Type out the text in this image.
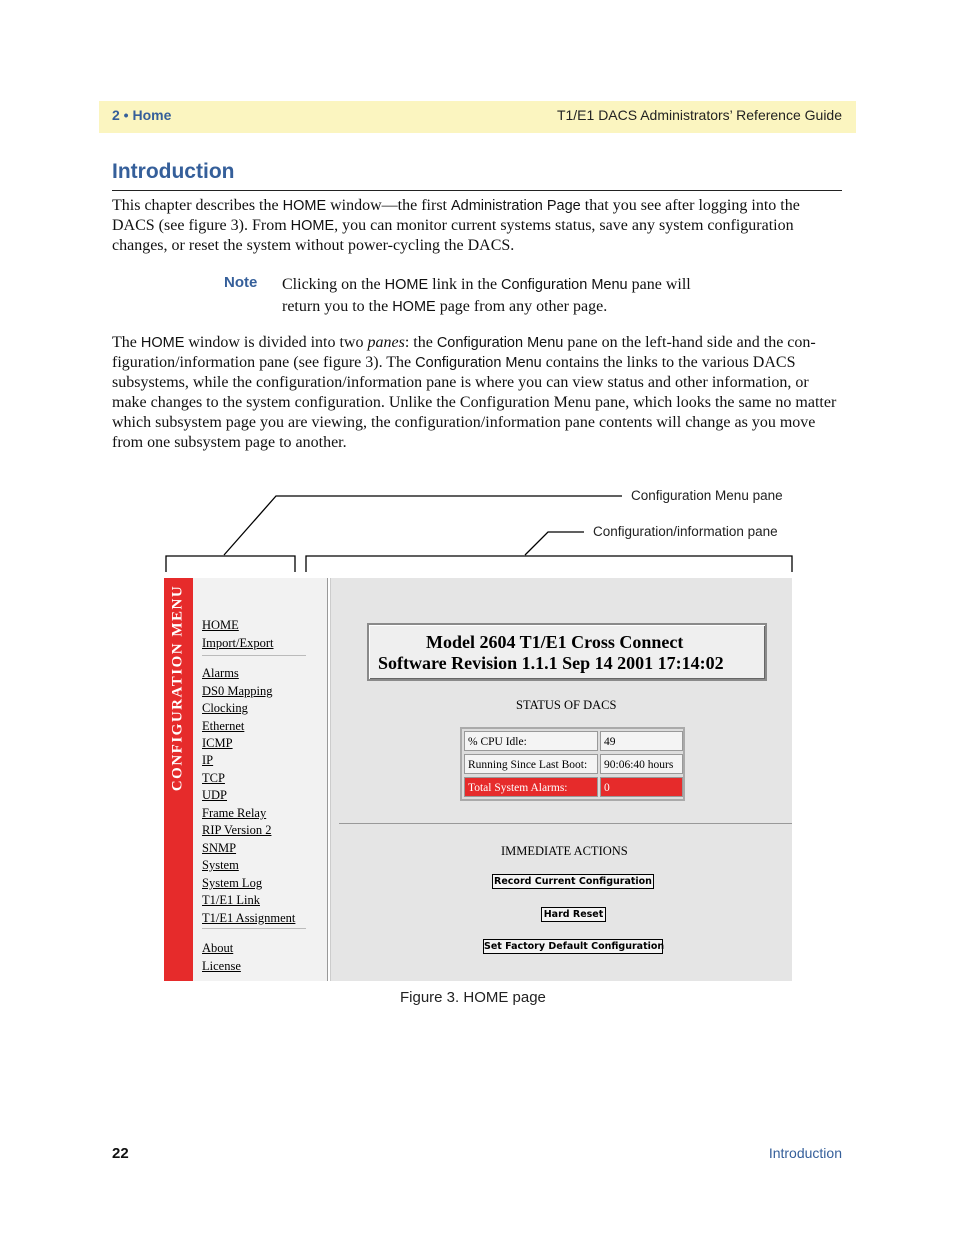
2 • Home	T1/E1 DACS Administrators’ Reference Guide
Introduction
This chapter describes the HOME window—the first Administration Page that you see after logging into the DACS (see figure 3). From HOME, you can monitor current systems status, save any system configuration changes, or reset the system without power-cycling the DACS.
Note Clicking on the HOME link in the Configuration Menu pane will return you to the HOME page from any other page.
The HOME window is divided into two panes: the Configuration Menu pane on the left-hand side and the con-figuration/information pane (see figure 3). The Configuration Menu contains the links to the various DACS subsystems, while the configuration/information pane is where you can view status and other information, or make changes to the system configuration. Unlike the Configuration Menu pane, which looks the same no matter which subsystem page you are viewing, the configuration/information pane contents will change as you move from one subsystem page to another.
Configuration Menu pane
Configuration/information pane
CONFIGURATION MENU HOME
Import/Export
Alarms
DS0 Mapping
Clocking
Ethernet
ICMP
IP
TCP
UDP
Frame Relay
RIP Version 2
SNMP
System
System Log
T1/E1 Link
T1/E1 Assignment
About
License
Model 2604 T1/E1 Cross Connect
Software Revision 1.1.1 Sep 14 2001 17:14:02
STATUS OF DACS
% CPU Idle:	49
Running Since Last Boot:	90:06:40 hours
Total System Alarms:	0
IMMEDIATE ACTIONS
Record Current Configuration
Hard Reset
Set Factory Default Configuration
Figure 3. HOME page
22	Introduction
